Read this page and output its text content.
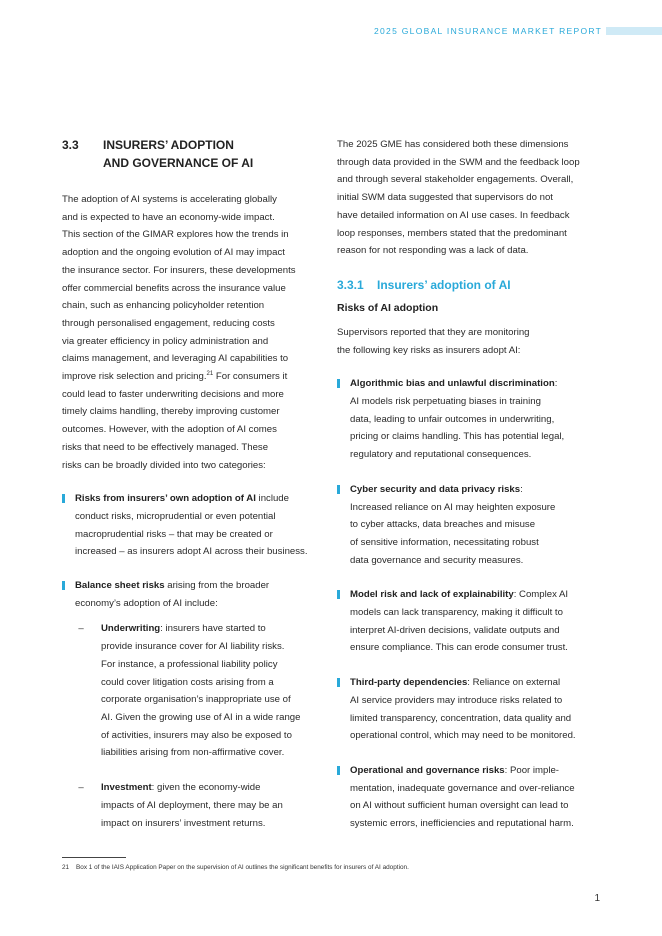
2025 GLOBAL INSURANCE MARKET REPORT
3.3	INSURERS’ ADOPTION
AND GOVERNANCE OF AI

The adoption of AI systems is accelerating globally
and is expected to have an economy-wide impact.
This section of the GIMAR explores how the trends in
adoption and the ongoing evolution of AI may impact
the insurance sector. For insurers, these developments
offer commercial benefits across the insurance value
chain, such as enhancing policyholder retention
through personalised engagement, reducing costs
via greater efficiency in policy administration and
claims management, and leveraging AI capabilities to
improve risk selection and pricing.$^{21}$ For consumers it
could lead to faster underwriting decisions and more
timely claims handling, thereby improving customer
outcomes. However, with the adoption of AI comes
risks that need to be effectively managed. These
risks can be broadly divided into two categories:

Risks from insurers’ own adoption of AI include
conduct risks, microprudential or even potential
macroprudential risks – that may be created or
increased – as insurers adopt AI across their business.
Balance sheet risks arising from the broader
economy’s adoption of AI include:
–	Underwriting: insurers have started to
provide insurance cover for AI liability risks.
For instance, a professional liability policy
could cover litigation costs arising from a
corporate organisation’s inappropriate use of
AI. Given the growing use of AI in a wide range
of activities, insurers may also be exposed to
liabilities arising from non-affirmative cover.
–	Investment: given the economy-wide
impacts of AI deployment, there may be an
impact on insurers’ investment returns.

The 2025 GME has considered both these dimensions
through data provided in the SWM and the feedback loop
and through several stakeholder engagements. Overall,
initial SWM data suggested that supervisors do not
have detailed information on AI use cases. In feedback
loop responses, members stated that the predominant
reason for not responding was a lack of data.

3.3.1	Insurers’ adoption of AI
Risks of AI adoption

Supervisors reported that they are monitoring
the following key risks as insurers adopt AI:

Algorithmic bias and unlawful discrimination:
AI models risk perpetuating biases in training
data, leading to unfair outcomes in underwriting,
pricing or claims handling. This has potential legal,
regulatory and reputational consequences.
Cyber security and data privacy risks:
Increased reliance on AI may heighten exposure
to cyber attacks, data breaches and misuse
of sensitive information, necessitating robust
data governance and security measures.
Model risk and lack of explainability: Complex AI
models can lack transparency, making it difficult to
interpret AI-driven decisions, validate outputs and
ensure compliance. This can erode consumer trust.
Third-party dependencies: Reliance on external
AI service providers may introduce risks related to
limited transparency, concentration, data quality and
operational control, which may need to be monitored.
Operational and governance risks: Poor imple-
mentation, inadequate governance and over-reliance
on AI without sufficient human oversight can lead to
systemic errors, inefficiencies and reputational harm.
21 Box 1 of the IAIS Application Paper on the supervision of AI outlines the significant benefits for insurers of AI adoption.
1
